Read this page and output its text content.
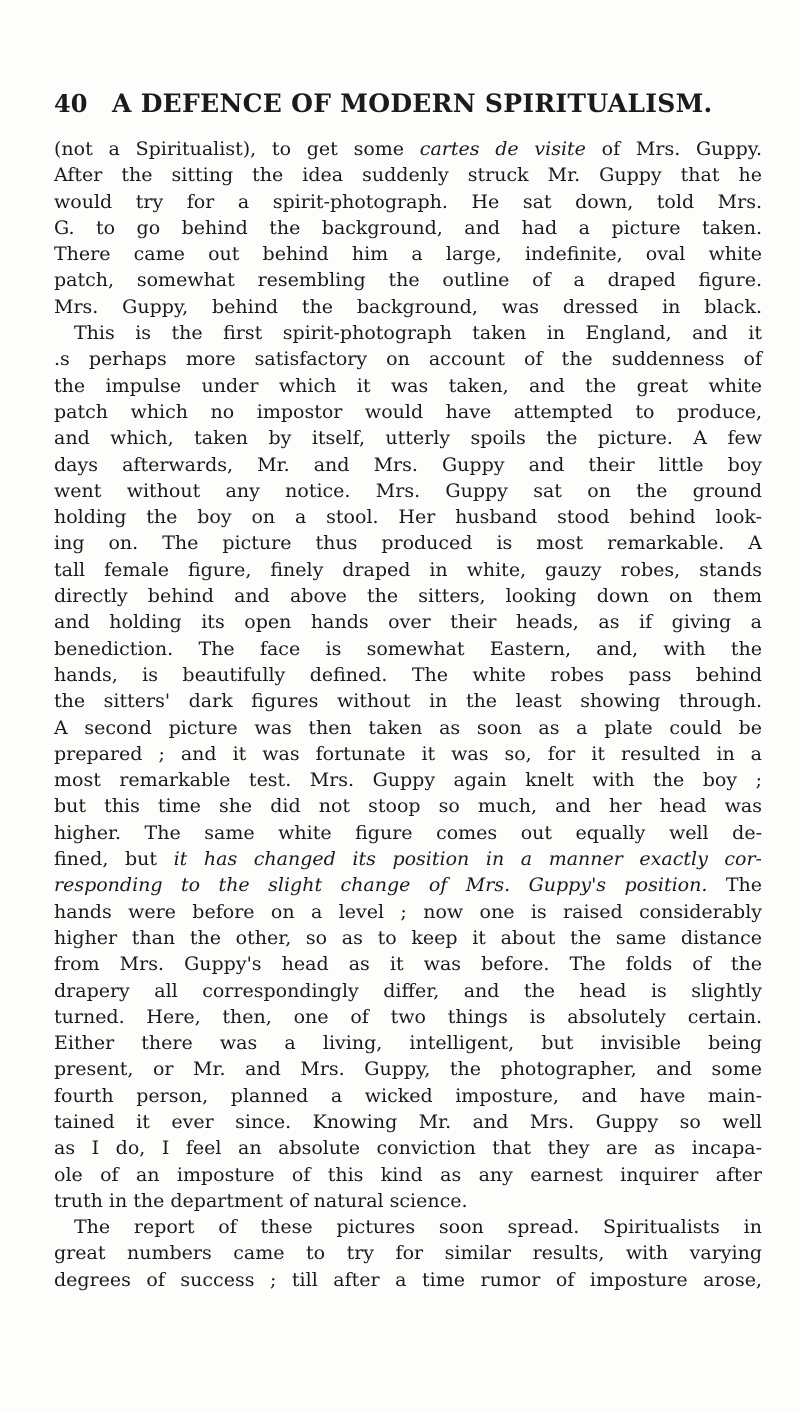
40 A DEFENCE OF MODERN SPIRITUALISM.
(not a Spiritualist), to get some cartes de visite of Mrs. Guppy.
After the sitting the idea suddenly struck Mr. Guppy that he
would try for a spirit-photograph. He sat down, told Mrs.
G. to go behind the background, and had a picture taken.
There came out behind him a large, indefinite, oval white
patch, somewhat resembling the outline of a draped figure.
Mrs. Guppy, behind the background, was dressed in black.
This is the first spirit-photograph taken in England, and it
.s perhaps more satisfactory on account of the suddenness of
the impulse under which it was taken, and the great white
patch which no impostor would have attempted to produce,
and which, taken by itself, utterly spoils the picture. A few
days afterwards, Mr. and Mrs. Guppy and their little boy
went without any notice. Mrs. Guppy sat on the ground
holding the boy on a stool. Her husband stood behind look-
ing on. The picture thus produced is most remarkable. A
tall female figure, finely draped in white, gauzy robes, stands
directly behind and above the sitters, looking down on them
and holding its open hands over their heads, as if giving a
benediction. The face is somewhat Eastern, and, with the
hands, is beautifully defined. The white robes pass behind
the sitters' dark figures without in the least showing through.
A second picture was then taken as soon as a plate could be
prepared ; and it was fortunate it was so, for it resulted in a
most remarkable test. Mrs. Guppy again knelt with the boy ;
but this time she did not stoop so much, and her head was
higher. The same white figure comes out equally well de-
fined, but it has changed its position in a manner exactly cor-
responding to the slight change of Mrs. Guppy's position. The
hands were before on a level ; now one is raised considerably
higher than the other, so as to keep it about the same distance
from Mrs. Guppy's head as it was before. The folds of the
drapery all correspondingly differ, and the head is slightly
turned. Here, then, one of two things is absolutely certain.
Either there was a living, intelligent, but invisible being
present, or Mr. and Mrs. Guppy, the photographer, and some
fourth person, planned a wicked imposture, and have main-
tained it ever since. Knowing Mr. and Mrs. Guppy so well
as I do, I feel an absolute conviction that they are as incapa-
ole of an imposture of this kind as any earnest inquirer after
truth in the department of natural science.
The report of these pictures soon spread. Spiritualists in
great numbers came to try for similar results, with varying
degrees of success ; till after a time rumor of imposture arose,
